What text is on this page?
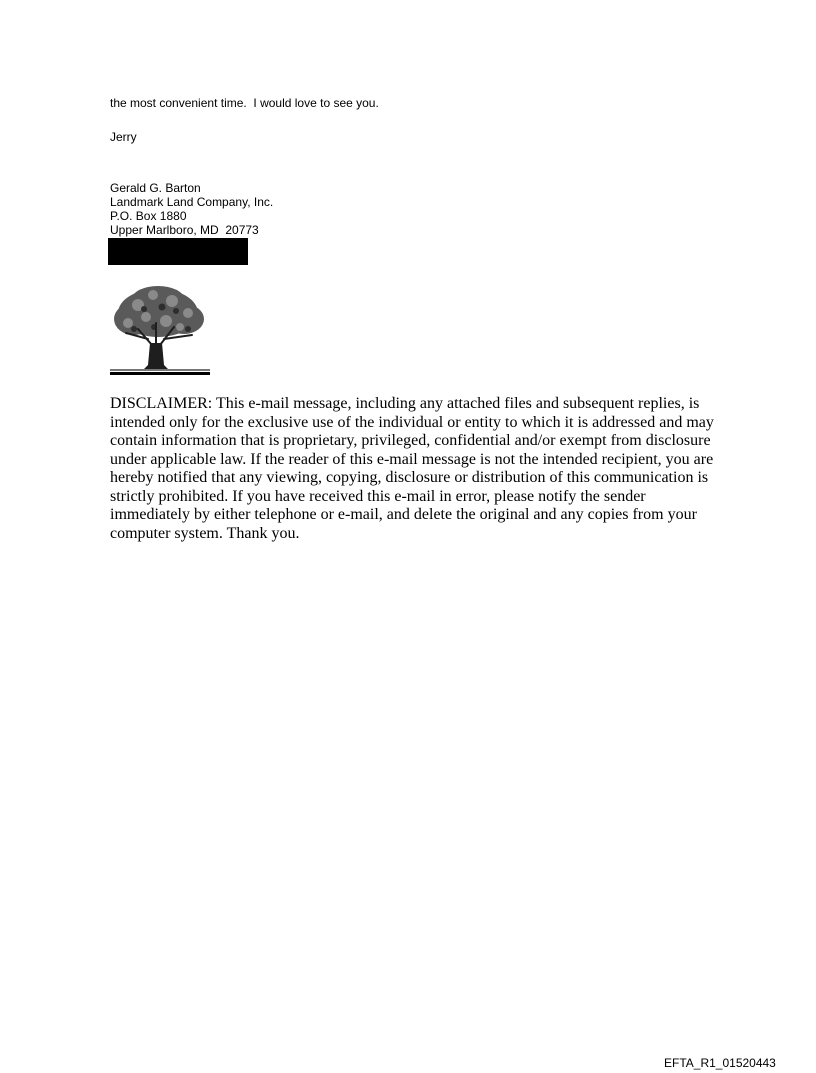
the most convenient time.  I would love to see you.
Jerry
Gerald G. Barton
Landmark Land Company, Inc.
P.O. Box 1880
Upper Marlboro, MD  20773
DISCLAIMER: This e-mail message, including any attached files and subsequent replies, is intended only for the exclusive use of the individual or entity to which it is addressed and may contain information that is proprietary, privileged, confidential and/or exempt from disclosure under applicable law. If the reader of this e-mail message is not the intended recipient, you are hereby notified that any viewing, copying, disclosure or distribution of this communication is strictly prohibited. If you have received this e-mail in error, please notify the sender immediately by either telephone or e-mail, and delete the original and any copies from your computer system. Thank you.
EFTA_R1_01520443
